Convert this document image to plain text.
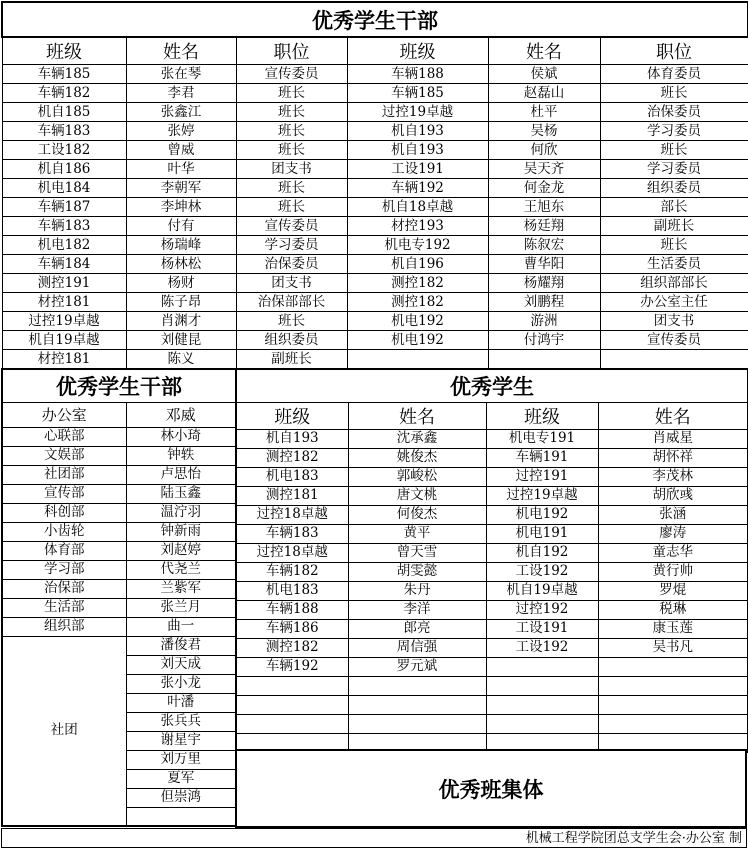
优秀学生干部					
班级	姓名	职位	班级	姓名	职位
车辆185	张在琴	宣传委员	车辆188	侯斌	体育委员
车辆182	李君	班长	车辆185	赵磊山	班长
机自185	张鑫江	班长	过控19卓越	杜平	治保委员
车辆183	张婷	班长	机自193	吴杨	学习委员
工设182	曾威	班长	机自193	何欣	班长
机自186	叶华	团支书	工设191	吴天齐	学习委员
机电184	李朝军	班长	车辆192	何金龙	组织委员
车辆187	李坤林	班长	机自18卓越	王旭东	部长
车辆183	付有	宣传委员	材控193	杨廷翔	副班长
机电182	杨瑞峰	学习委员	机电专192	陈叙宏	班长
车辆184	杨林松	治保委员	机自196	曹华阳	生活委员
测控191	杨财	团支书	测控182	杨耀翔	组织部部长
材控181	陈子昂	治保部部长	测控182	刘鹏程	办公室主任
过控19卓越	肖渊才	班长	机电192	游洲	团支书
机自19卓越	刘健昆	组织委员	机电192	付鸿宇	宣传委员
材控181	陈义	副班长			
优秀学生干部	
办公室	邓威
心联部	林小琦
文娱部	钟轶
社团部	卢思怡
宣传部	陆玉鑫
科创部	温泞羽
小齿轮	钟新雨
体育部	刘赵婷
学习部	代尧兰
治保部	兰紫军
生活部	张兰月
组织部	曲一
社团	潘俊君
	刘天成
	张小龙
	叶潘
	张兵兵
	谢星宇
	刘万里
	夏军
	但崇鸿

优秀学生			
班级	姓名	班级	姓名
机自193	沈承鑫	机电专191	肖威星
测控182	姚俊杰	车辆191	胡怀祥
机电183	郭峻松	过控191	李茂林
测控181	唐文桃	过控19卓越	胡欣彧
过控18卓越	何俊杰	机电192	张涵
车辆183	黄平	机电191	廖涛
过控18卓越	曾天雪	机自192	童志华
车辆182	胡雯懿	工设192	黄行帅
机电183	朱丹	机自19卓越	罗焜
车辆188	李洋	过控192	税琳
车辆186	郎亮	工设191	康玉莲
测控182	周信强	工设192	吴书凡
车辆192	罗元斌		

优秀班集体
机械工程学院团总支学生会·办公室 制
